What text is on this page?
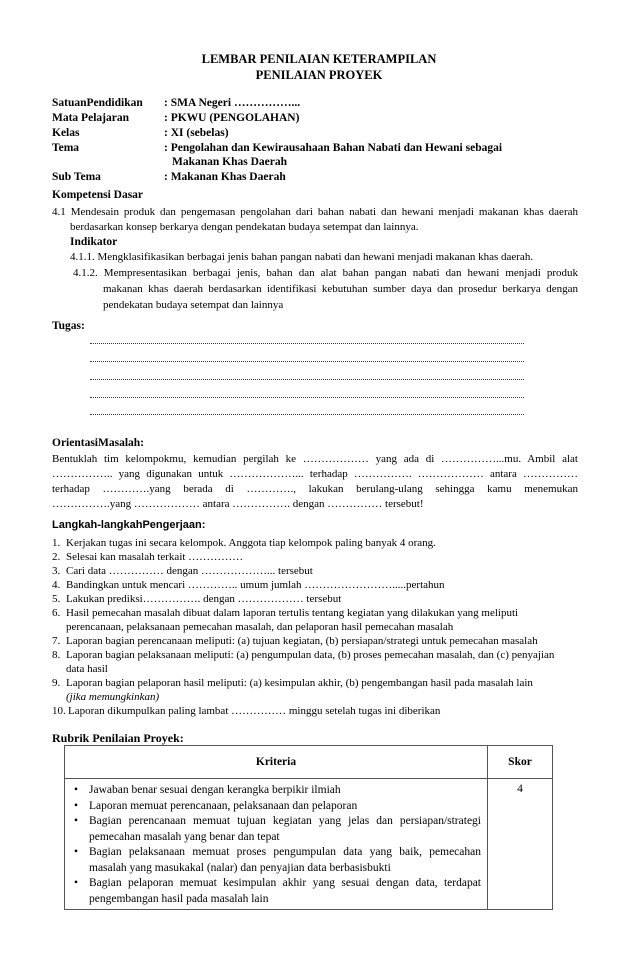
LEMBAR PENILAIAN KETERAMPILAN
PENILAIAN PROYEK
SatuanPendidikan : SMA Negeri ……………...
Mata Pelajaran	: PKWU (PENGOLAHAN)
Kelas	: XI (sebelas)
Tema	: Pengolahan dan Kewirausahaan Bahan Nabati dan Hewani sebagai
Makanan Khas Daerah
Sub Tema	: Makanan Khas Daerah
Kompetensi Dasar
4.1 Mendesain produk dan pengemasan pengolahan dari bahan nabati dan hewani menjadi makanan khas daerah
berdasarkan konsep berkarya dengan pendekatan budaya setempat dan lainnya.
Indikator
4.1.1. Mengklasifikasikan berbagai jenis bahan pangan nabati dan hewani menjadi makanan khas daerah.
4.1.2. Mempresentasikan berbagai jenis, bahan dan alat bahan pangan nabati dan hewani menjadi produk
makanan khas daerah berdasarkan identifikasi kebutuhan sumber daya dan prosedur berkarya dengan
pendekatan budaya setempat dan lainnya
Tugas:
OrientasiMasalah:
Bentuklah tim kelompokmu, kemudian pergilah ke ……………… yang ada di ……………...mu. Ambil alat
…………….. yang digunakan untuk ………………... terhadap ……………. ……………… antara ……………
terhadap ………….yang berada di …………., lakukan berulang-ulang sehingga kamu menemukan
…………….yang ……………… antara ……………. dengan …………… tersebut!
Langkah-langkahPengerjaan:
1. Kerjakan tugas ini secara kelompok. Anggota tiap kelompok paling banyak 4 orang.
2. Selesai kan masalah terkait ……………
3. Cari data …………… dengan ………………... tersebut
4. Bandingkan untuk mencari ………….. umum jumlah …………………….....pertahun
5. Lakukan prediksi……………. dengan ……………… tersebut
6. Hasil pemecahan masalah dibuat dalam laporan tertulis tentang kegiatan yang dilakukan yang meliputi
perencanaan, pelaksanaan pemecahan masalah, dan pelaporan hasil pemecahan masalah
7. Laporan bagian perencanaan meliputi: (a) tujuan kegiatan, (b) persiapan/strategi untuk pemecahan masalah
8. Laporan bagian pelaksanaan meliputi: (a) pengumpulan data, (b) proses pemecahan masalah, dan (c) penyajian
data hasil
9. Laporan bagian pelaporan hasil meliputi: (a) kesimpulan akhir, (b) pengembangan hasil pada masalah lain
(jika memungkinkan)
10. Laporan dikumpulkan paling lambat …………… minggu setelah tugas ini diberikan
Rubrik Penilaian Proyek:
Kriteria	Skor

• Jawaban benar sesuai dengan kerangka berpikir ilmiah
• Laporan memuat perencanaan, pelaksanaan dan pelaporan
• Bagian perencanaan memuat tujuan kegiatan yang jelas dan persiapan/strategi pemecahan masalah yang benar dan tepat
• Bagian pelaksanaan memuat proses pengumpulan data yang baik, pemecahan masalah yang masukakal (nalar) dan penyajian data berbasisbukti
• Bagian pelaporan memuat kesimpulan akhir yang sesuai dengan data, terdapat pengembangan hasil pada masalah lain	4
